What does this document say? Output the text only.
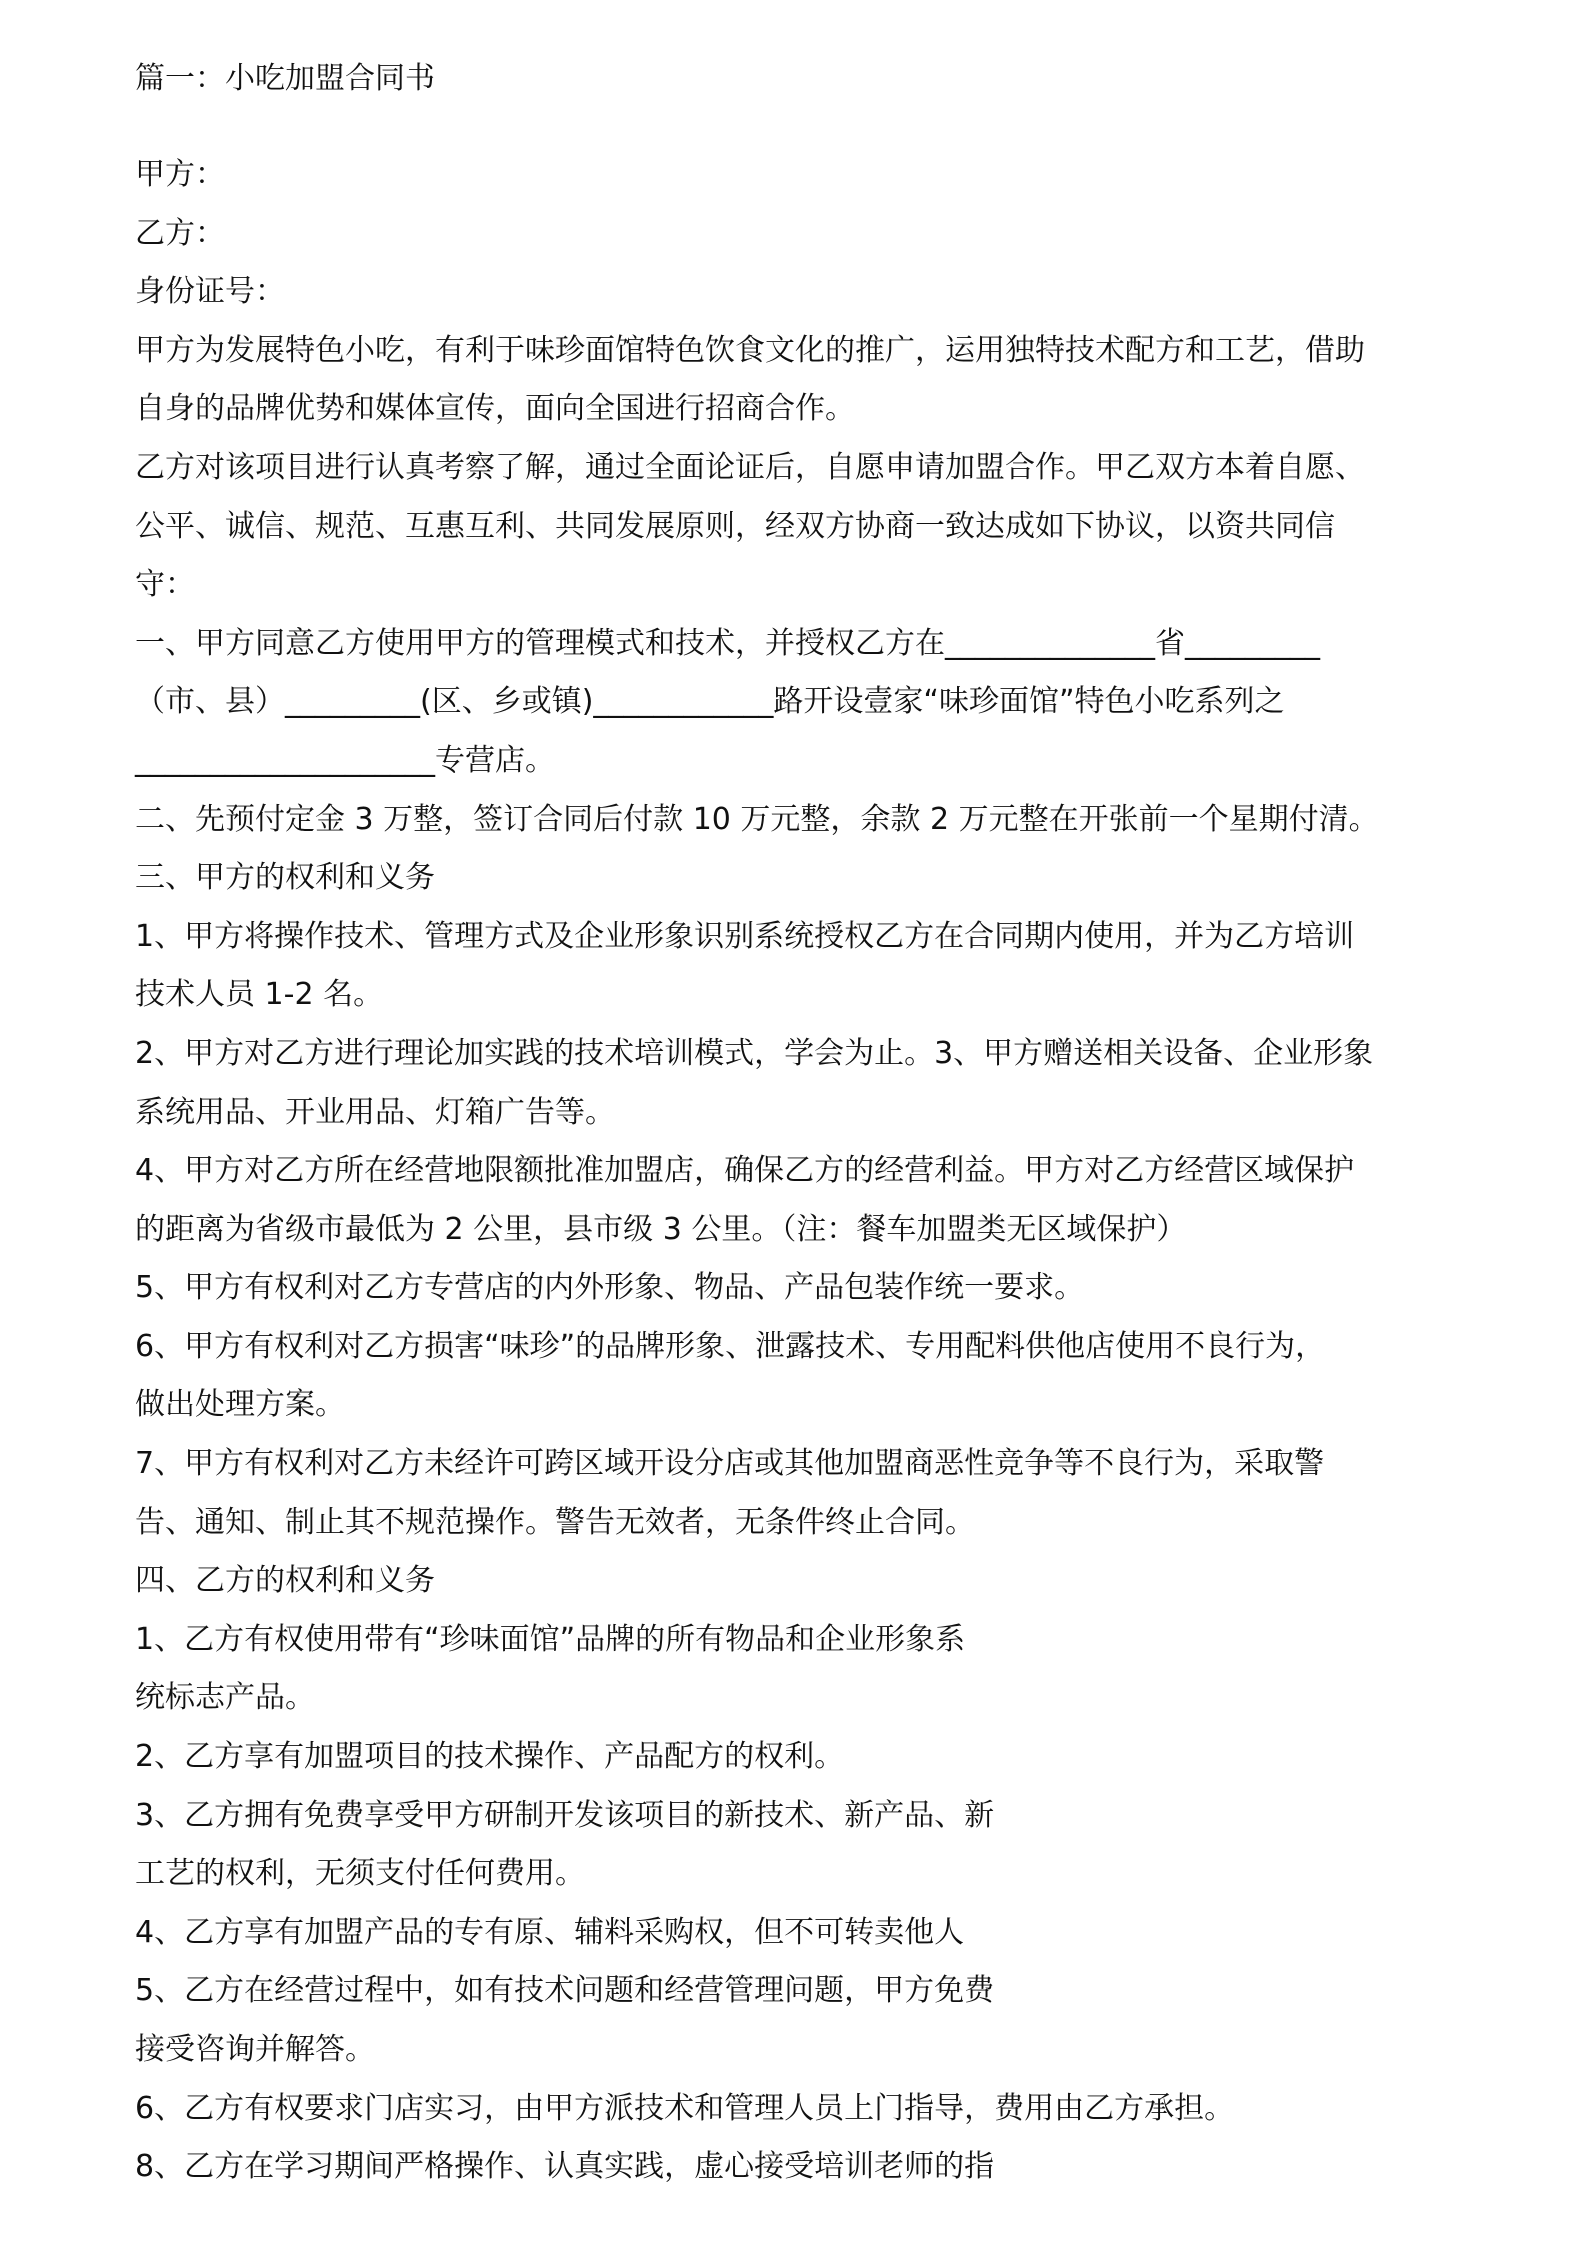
篇一：小吃加盟合同书
甲方：
乙方：
身份证号：
甲方为发展特色小吃，有利于味珍面馆特色饮食文化的推广，运用独特技术配方和工艺，借助
自身的品牌优势和媒体宣传，面向全国进行招商合作。
乙方对该项目进行认真考察了解，通过全面论证后，自愿申请加盟合作。甲乙双方本着自愿、
公平、诚信、规范、互惠互利、共同发展原则，经双方协商一致达成如下协议，以资共同信
守：
一、甲方同意乙方使用甲方的管理模式和技术，并授权乙方在______________省_________
（市、县）_________(区、乡或镇)____________路开设壹家“味珍面馆”特色小吃系列之
____________________专营店。
二、先预付定金 3 万整，签订合同后付款 10 万元整，余款 2 万元整在开张前一个星期付清。
三、甲方的权利和义务
1、甲方将操作技术、管理方式及企业形象识别系统授权乙方在合同期内使用，并为乙方培训
技术人员 1-2 名。
2、甲方对乙方进行理论加实践的技术培训模式，学会为止。3、甲方赠送相关设备、企业形象
系统用品、开业用品、灯箱广告等。
4、甲方对乙方所在经营地限额批准加盟店，确保乙方的经营利益。甲方对乙方经营区域保护
的距离为省级市最低为 2 公里，县市级 3 公里。（注：餐车加盟类无区域保护）
5、甲方有权利对乙方专营店的内外形象、物品、产品包装作统一要求。
6、甲方有权利对乙方损害“味珍”的品牌形象、泄露技术、专用配料供他店使用不良行为，
做出处理方案。
7、甲方有权利对乙方未经许可跨区域开设分店或其他加盟商恶性竞争等不良行为，采取警
告、通知、制止其不规范操作。警告无效者，无条件终止合同。
四、乙方的权利和义务
1、乙方有权使用带有“珍味面馆”品牌的所有物品和企业形象系
统标志产品。
2、乙方享有加盟项目的技术操作、产品配方的权利。
3、乙方拥有免费享受甲方研制开发该项目的新技术、新产品、新
工艺的权利，无须支付任何费用。
4、乙方享有加盟产品的专有原、辅料采购权，但不可转卖他人
5、乙方在经营过程中，如有技术问题和经营管理问题，甲方免费
接受咨询并解答。
6、乙方有权要求门店实习，由甲方派技术和管理人员上门指导，费用由乙方承担。
8、乙方在学习期间严格操作、认真实践，虚心接受培训老师的指
